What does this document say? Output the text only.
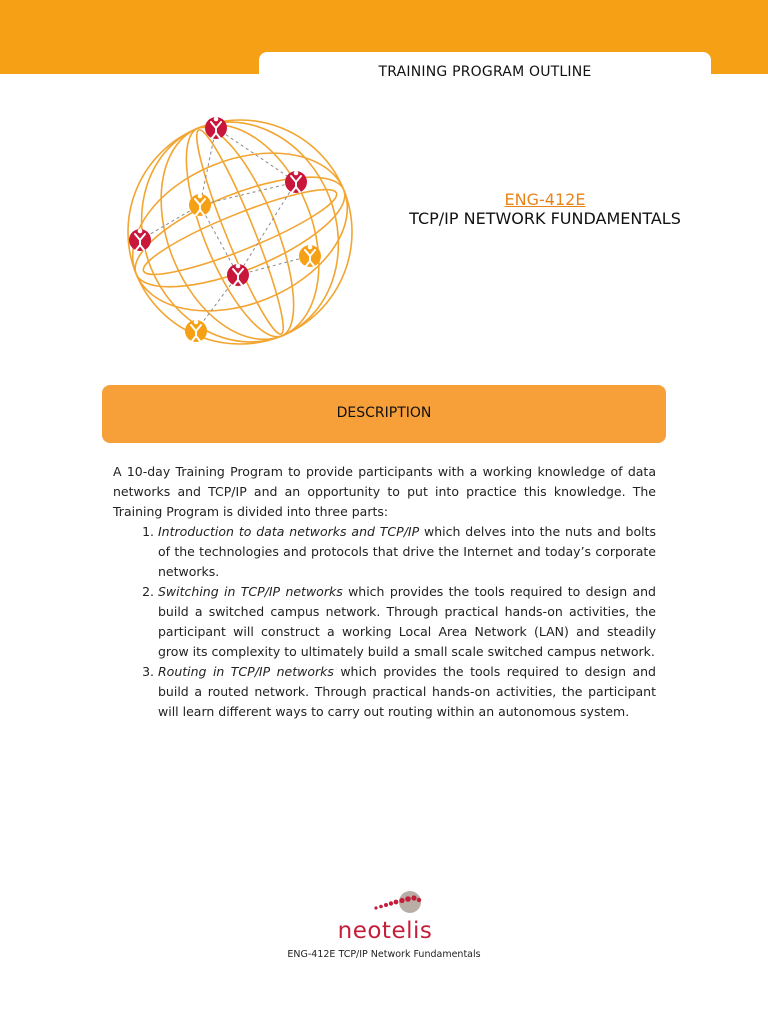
TRAINING PROGRAM OUTLINE
ENG-412E
TCP/IP NETWORK FUNDAMENTALS
DESCRIPTION

A 10-day Training Program to provide participants with a working knowledge of data networks and TCP/IP and an opportunity to put into practice this knowledge. The Training Program is divided into three parts:

1. Introduction to data networks and TCP/IP which delves into the nuts and bolts of the technologies and protocols that drive the Internet and today’s corporate networks.
2. Switching in TCP/IP networks which provides the tools required to design and build a switched campus network. Through practical hands-on activities, the participant will construct a working Local Area Network (LAN) and steadily grow its complexity to ultimately build a small scale switched campus network.
3. Routing in TCP/IP networks which provides the tools required to design and build a routed network. Through practical hands-on activities, the participant will learn different ways to carry out routing within an autonomous system.
neotelis
ENG-412E TCP/IP Network Fundamentals
